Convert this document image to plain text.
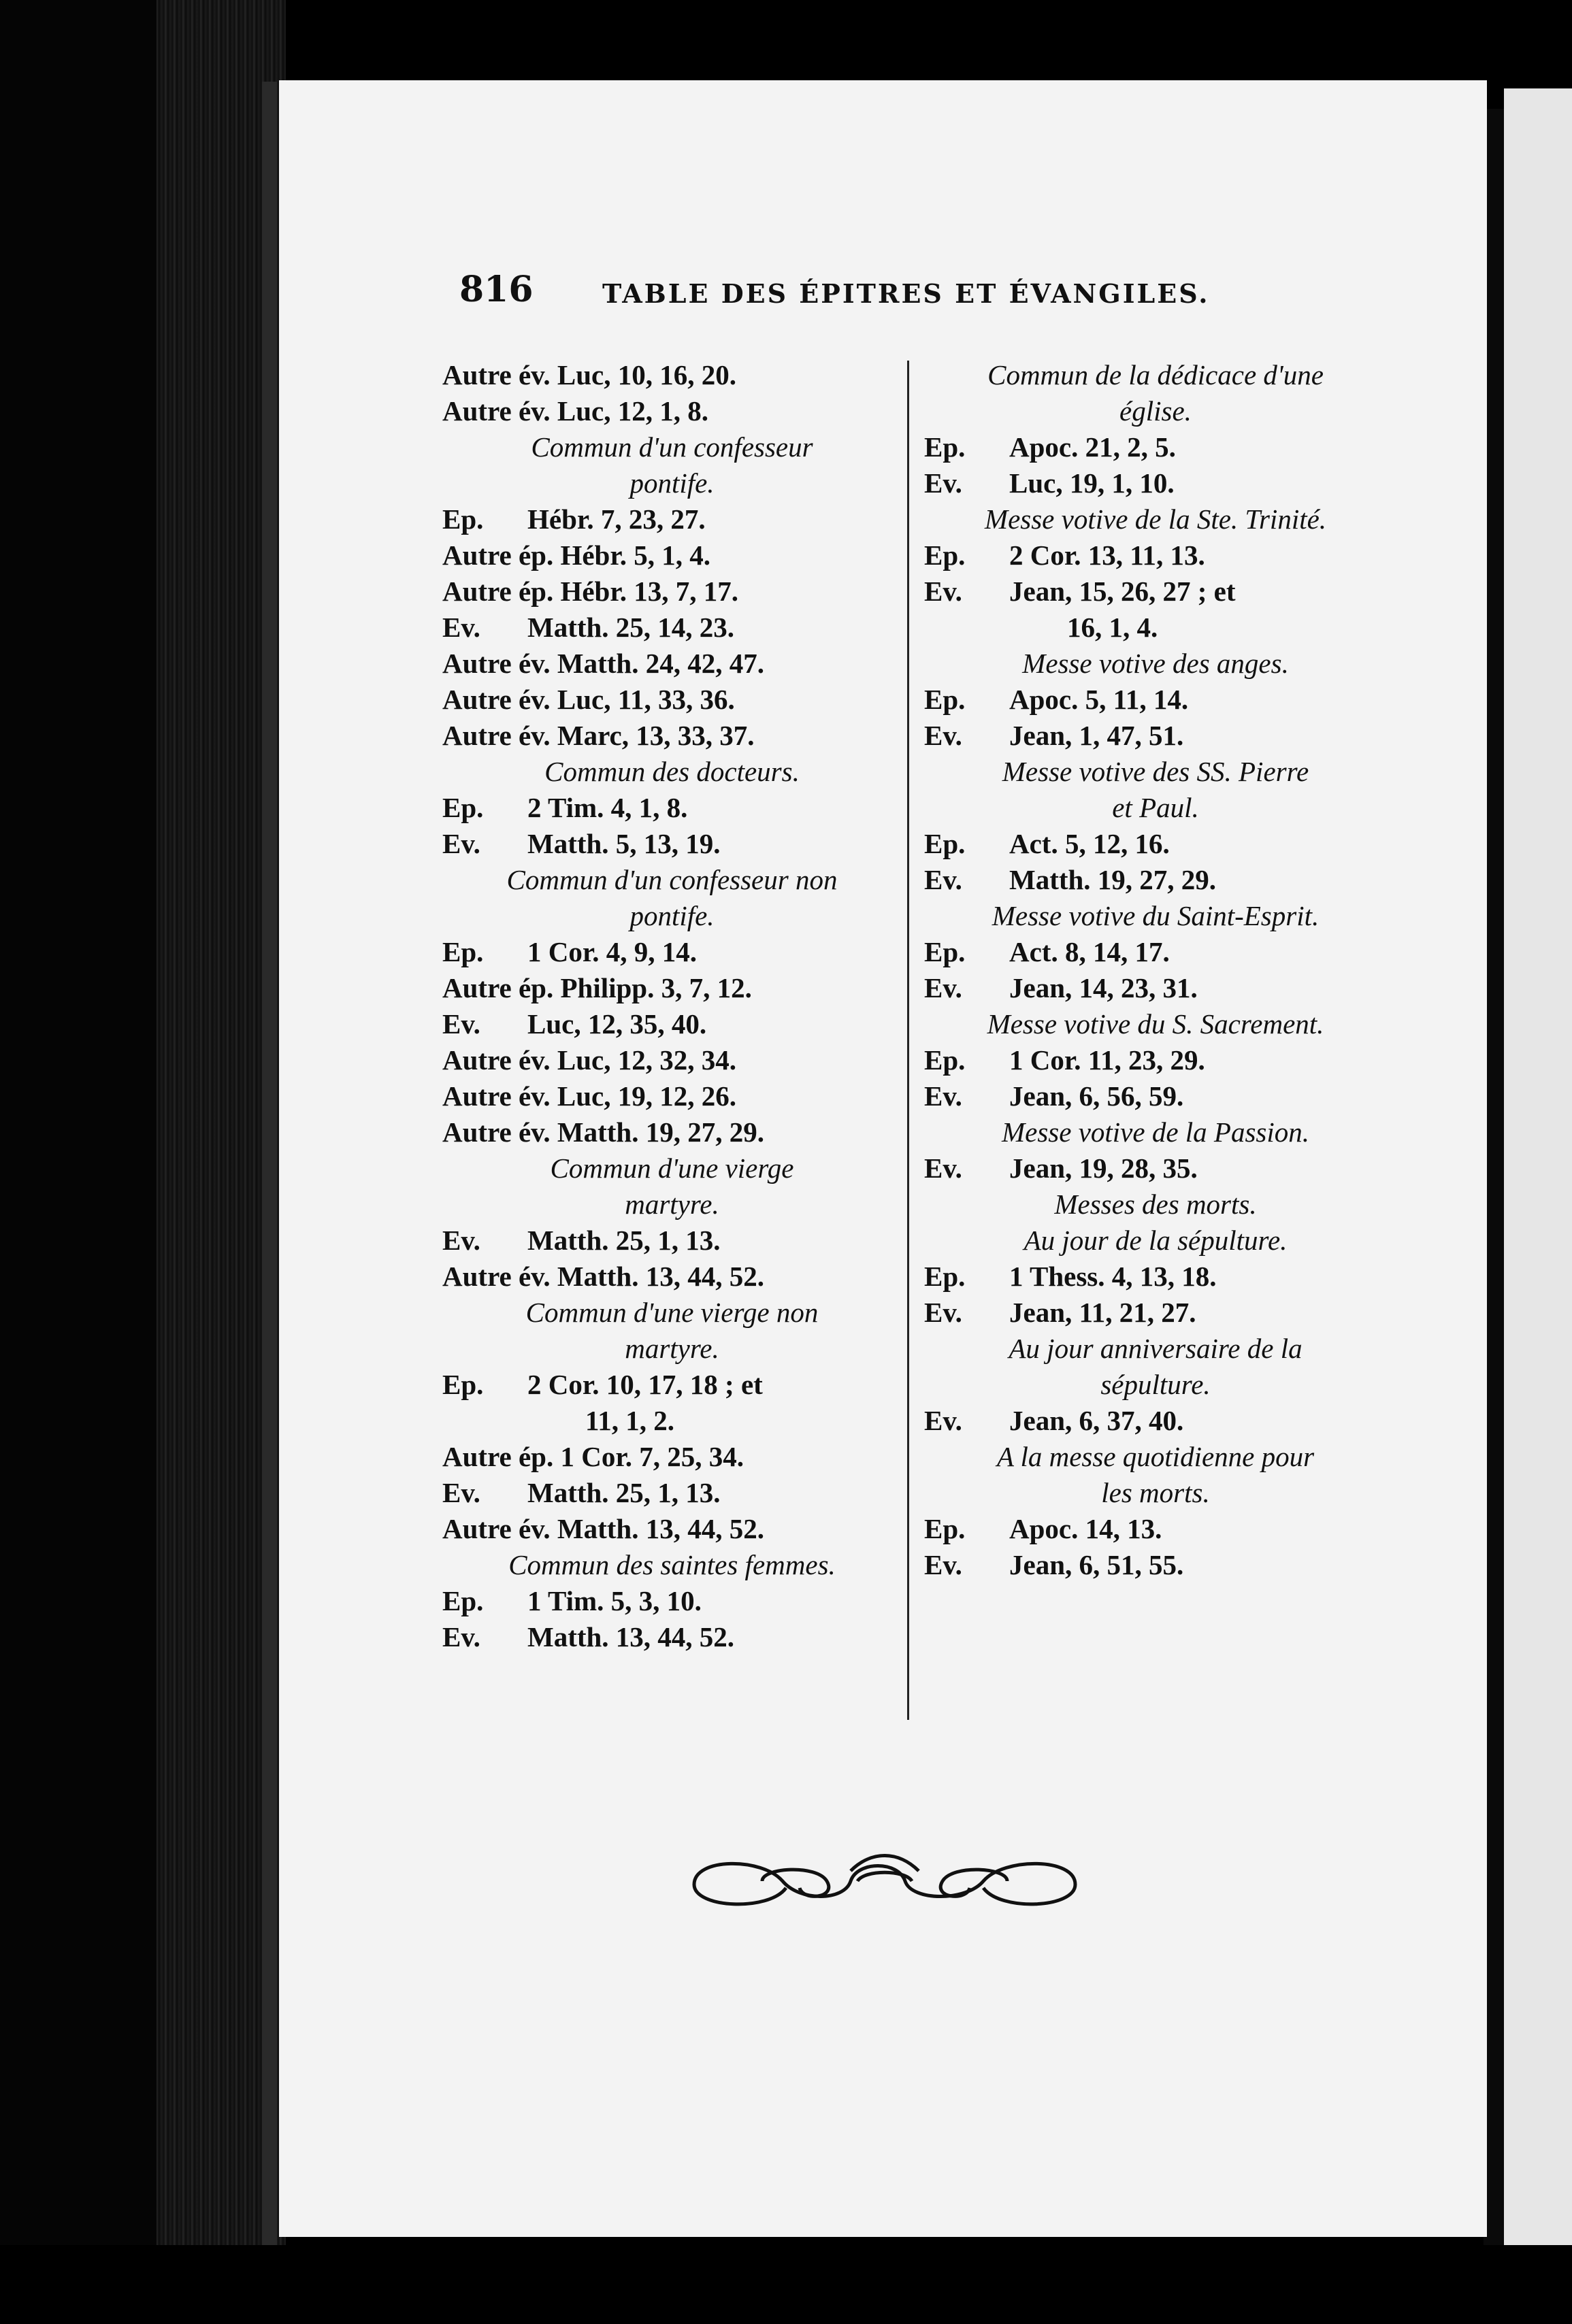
816	TABLE DES ÉPITRES ET ÉVANGILES.
Autre év. Luc, 10, 16, 20.
Autre év. Luc, 12, 1, 8.
Commun d'un confesseur
pontife.
Ep. Hébr. 7, 23, 27.
Autre ép. Hébr. 5, 1, 4.
Autre ép. Hébr. 13, 7, 17.
Ev. Matth. 25, 14, 23.
Autre év. Matth. 24, 42, 47.
Autre év. Luc, 11, 33, 36.
Autre év. Marc, 13, 33, 37.
Commun des docteurs.
Ep. 2 Tim. 4, 1, 8.
Ev. Matth. 5, 13, 19.
Commun d'un confesseur non
pontife.
Ep. 1 Cor. 4, 9, 14.
Autre ép. Philipp. 3, 7, 12.
Ev. Luc, 12, 35, 40.
Autre év. Luc, 12, 32, 34.
Autre év. Luc, 19, 12, 26.
Autre év. Matth. 19, 27, 29.
Commun d'une vierge
martyre.
Ev. Matth. 25, 1, 13.
Autre év. Matth. 13, 44, 52.
Commun d'une vierge non
martyre.
Ep. 2 Cor. 10, 17, 18 ; et
11, 1, 2.
Autre ép. 1 Cor. 7, 25, 34.
Ev. Matth. 25, 1, 13.
Autre év. Matth. 13, 44, 52.
Commun des saintes femmes.
Ep. 1 Tim. 5, 3, 10.
Ev. Matth. 13, 44, 52.
Commun de la dédicace d'une
église.
Ep. Apoc. 21, 2, 5.
Ev. Luc, 19, 1, 10.
Messe votive de la Ste. Trinité.
Ep. 2 Cor. 13, 11, 13.
Ev. Jean, 15, 26, 27 ; et
16, 1, 4.
Messe votive des anges.
Ep. Apoc. 5, 11, 14.
Ev. Jean, 1, 47, 51.
Messe votive des SS. Pierre
et Paul.
Ep. Act. 5, 12, 16.
Ev. Matth. 19, 27, 29.
Messe votive du Saint-Esprit.
Ep. Act. 8, 14, 17.
Ev. Jean, 14, 23, 31.
Messe votive du S. Sacrement.
Ep. 1 Cor. 11, 23, 29.
Ev. Jean, 6, 56, 59.
Messe votive de la Passion.
Ev. Jean, 19, 28, 35.
Messes des morts.
Au jour de la sépulture.
Ep. 1 Thess. 4, 13, 18.
Ev. Jean, 11, 21, 27.
Au jour anniversaire de la
sépulture.
Ev. Jean, 6, 37, 40.
A la messe quotidienne pour
les morts.
Ep. Apoc. 14, 13.
Ev. Jean, 6, 51, 55.
